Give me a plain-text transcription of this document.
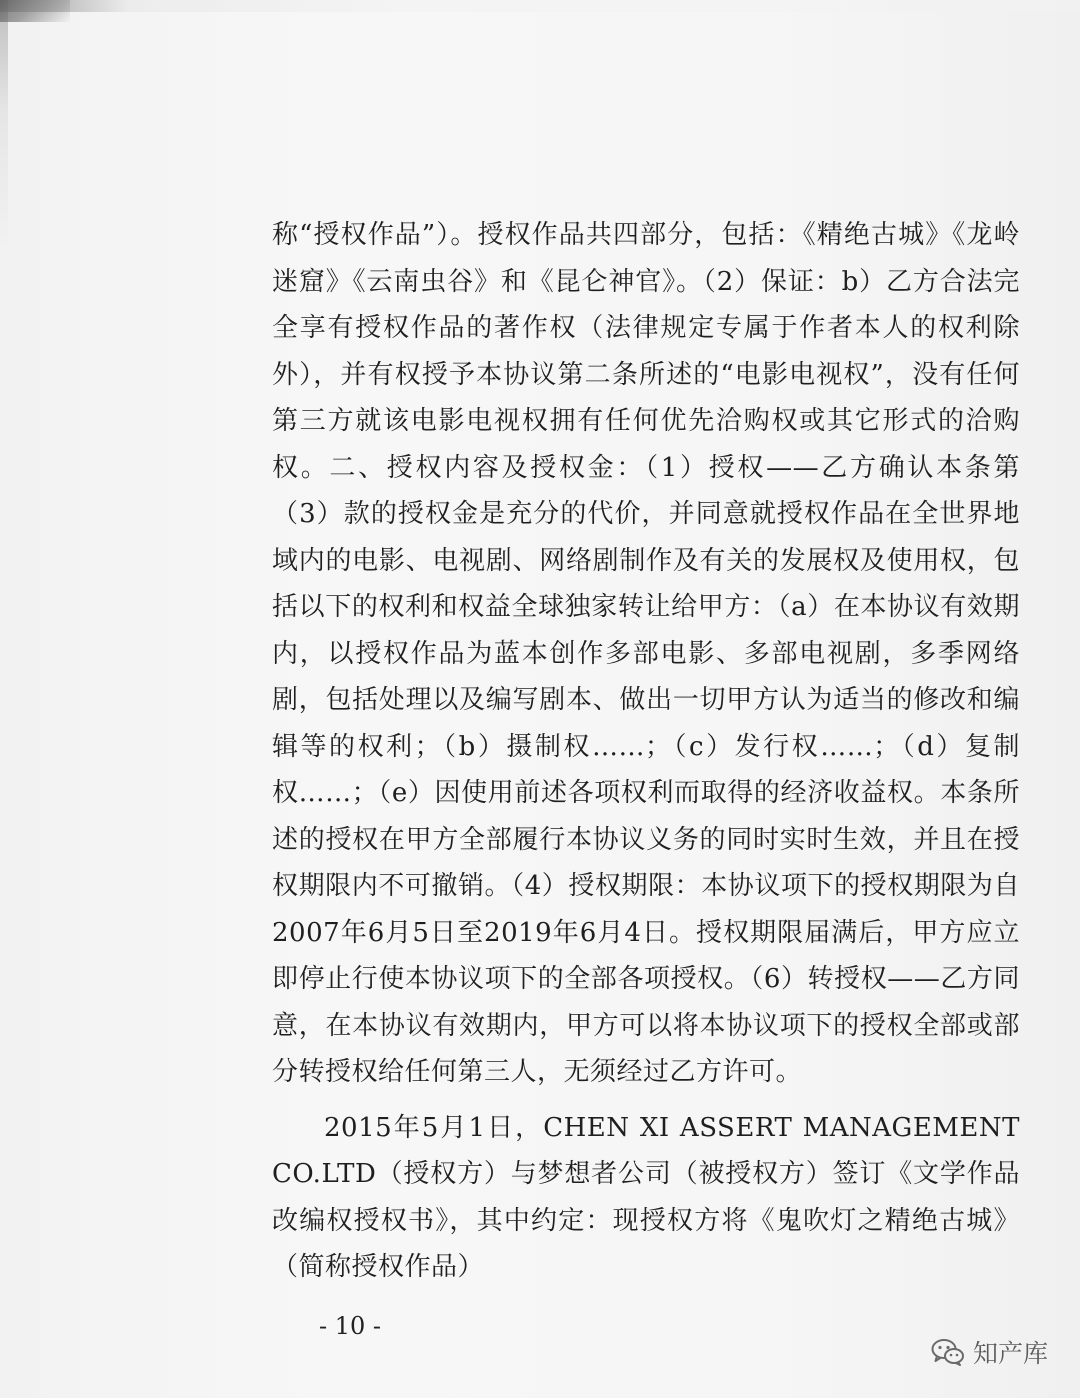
称“授权作品”）。授权作品共四部分，包括：《精绝古城》《龙岭迷窟》《云南虫谷》和《昆仑神官》。（2）保证：b）乙方合法完全享有授权作品的著作权（法律规定专属于作者本人的权利除外），并有权授予本协议第二条所述的“电影电视权”，没有任何第三方就该电影电视权拥有任何优先洽购权或其它形式的洽购权。二、授权内容及授权金：（1）授权——乙方确认本条第（3）款的授权金是充分的代价，并同意就授权作品在全世界地域内的电影、电视剧、网络剧制作及有关的发展权及使用权，包括以下的权利和权益全球独家转让给甲方：（a）在本协议有效期内，以授权作品为蓝本创作多部电影、多部电视剧，多季网络剧，包括处理以及编写剧本、做出一切甲方认为适当的修改和编辑等的权利；（b）摄制权……；（c）发行权……；（d）复制权……；（e）因使用前述各项权利而取得的经济收益权。本条所述的授权在甲方全部履行本协议义务的同时实时生效，并且在授权期限内不可撤销。（4）授权期限：本协议项下的授权期限为自2007年6月5日至2019年6月4日。授权期限届满后，甲方应立即停止行使本协议项下的全部各项授权。（6）转授权——乙方同意，在本协议有效期内，甲方可以将本协议项下的授权全部或部分转授权给任何第三人，无须经过乙方许可。

2015年5月1日，CHEN XI ASSERT MANAGEMENT CO.LTD（授权方）与梦想者公司（被授权方）签订《文学作品改编权授权书》，其中约定：现授权方将《鬼吹灯之精绝古城》（简称授权作品）

- 10 -
知产库
